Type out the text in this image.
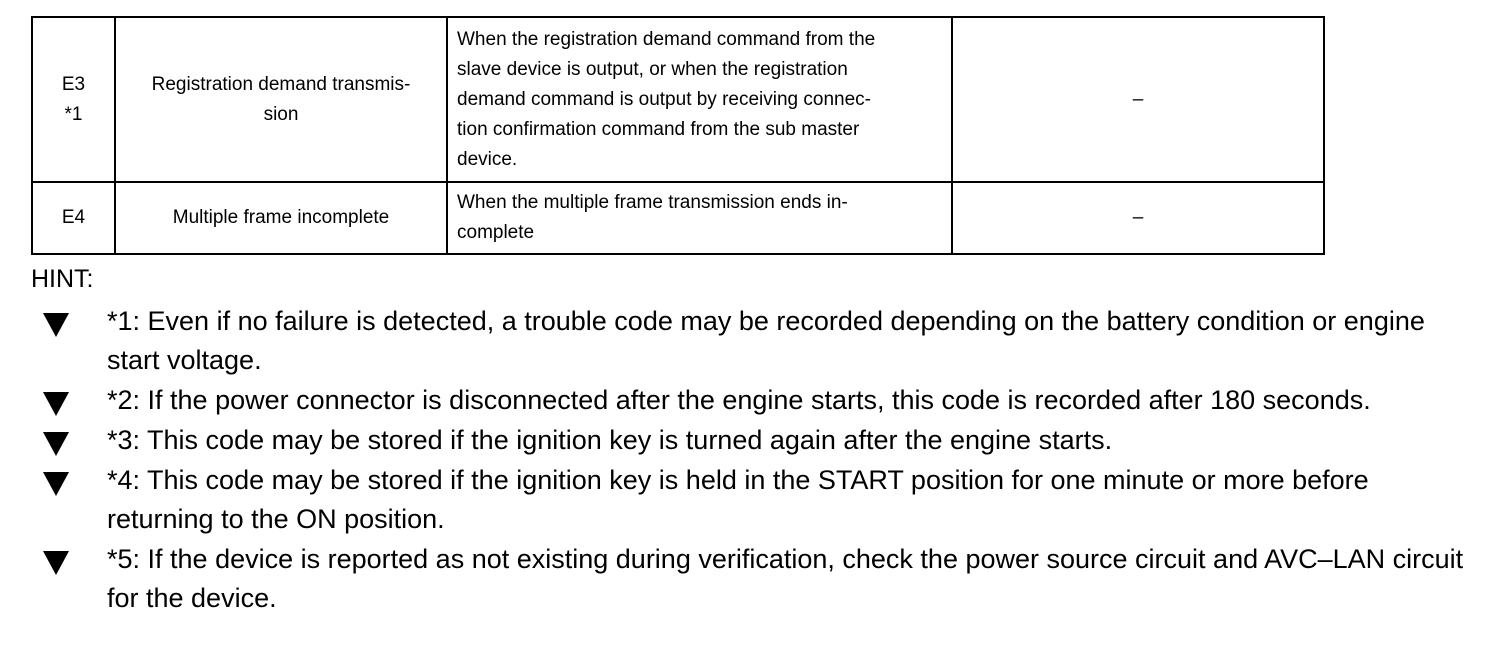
E3
*1	Registration demand transmis-
sion	When the registration demand command from the
slave device is output, or when the registration
demand command is output by receiving connec-
tion confirmation command from the sub master
device.	–

E4	Multiple frame incomplete	When the multiple frame transmission ends in-
complete	–

HINT:

*1: Even if no failure is detected, a trouble code may be recorded depending on the battery condition or engine start voltage.
*2: If the power connector is disconnected after the engine starts, this code is recorded after 180 seconds.
*3: This code may be stored if the ignition key is turned again after the engine starts.
*4: This code may be stored if the ignition key is held in the START position for one minute or more before returning to the ON position.
*5: If the device is reported as not existing during verification, check the power source circuit and AVC–LAN circuit for the device.
